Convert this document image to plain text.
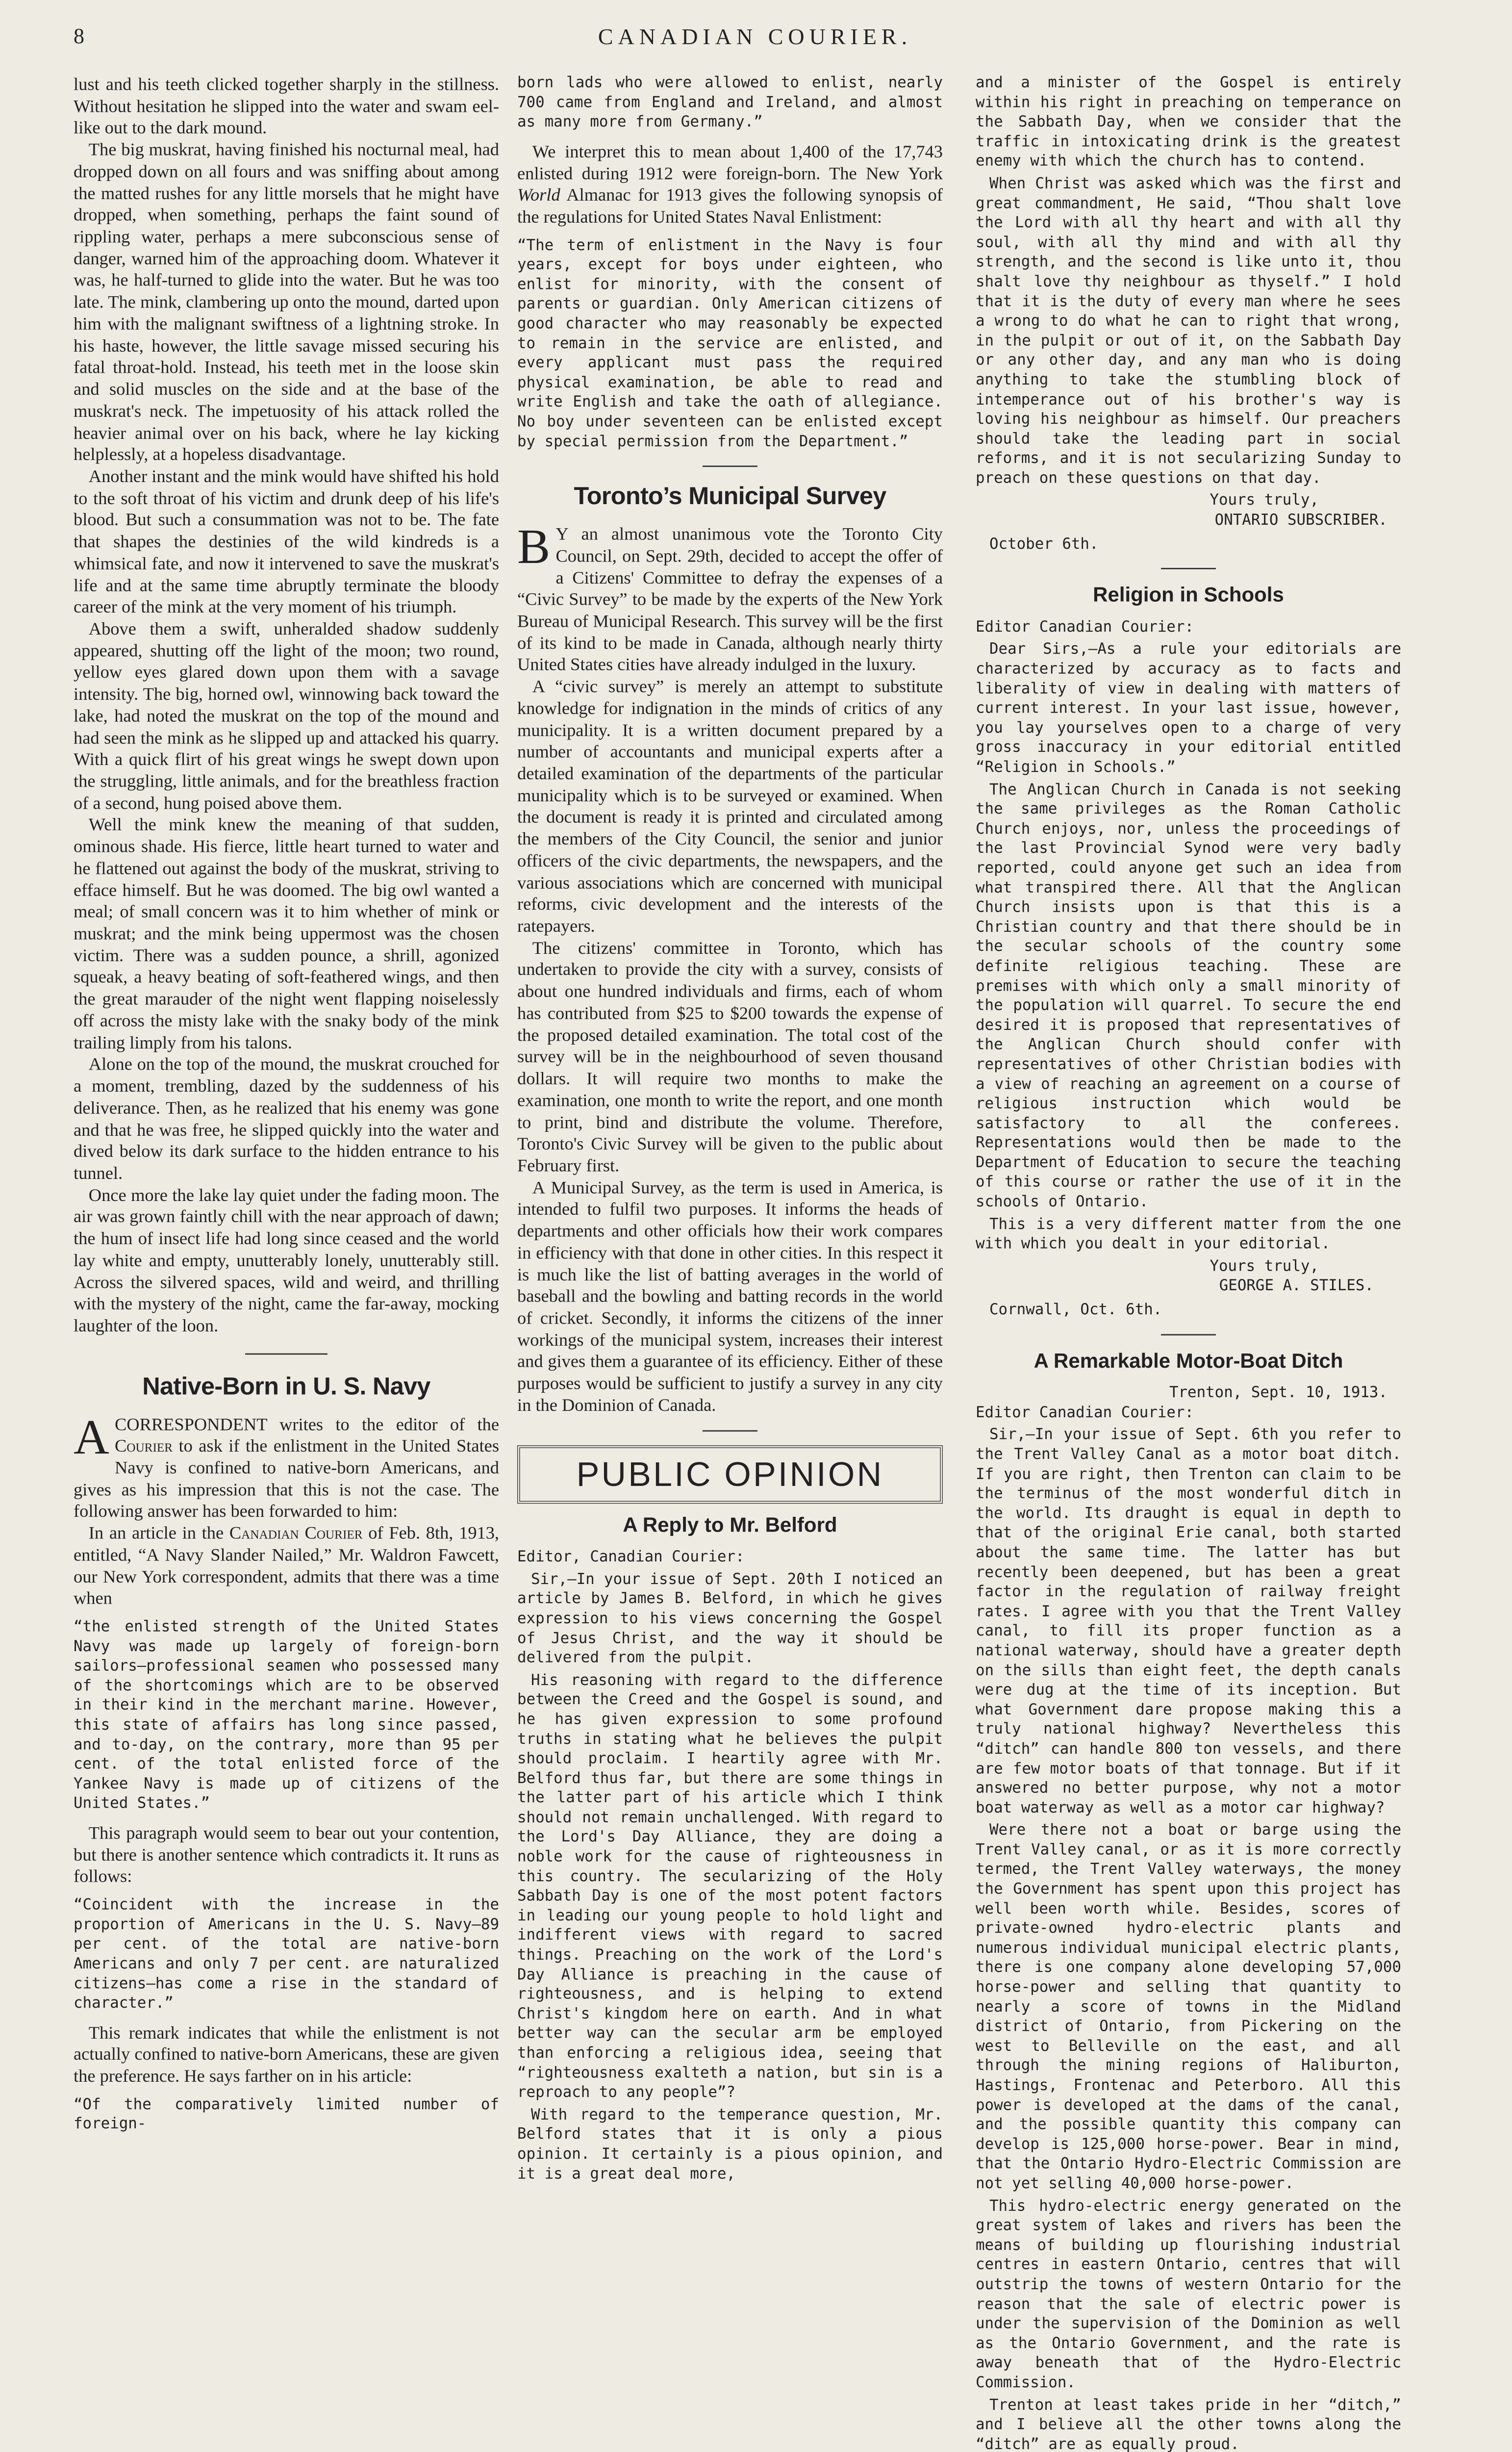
8	CANADIAN COURIER.

lust and his teeth clicked together sharply in the stillness. Without hesitation he slipped into the water and swam eel-like out to the dark mound.

The big muskrat, having finished his nocturnal meal, had dropped down on all fours and was sniffing about among the matted rushes for any little morsels that he might have dropped, when something, perhaps the faint sound of rippling water, perhaps a mere subconscious sense of danger, warned him of the approaching doom. Whatever it was, he half-turned to glide into the water. But he was too late. The mink, clambering up onto the mound, darted upon him with the malignant swiftness of a lightning stroke. In his haste, however, the little savage missed securing his fatal throat-hold. Instead, his teeth met in the loose skin and solid muscles on the side and at the base of the muskrat's neck. The impetuosity of his attack rolled the heavier animal over on his back, where he lay kicking helplessly, at a hopeless disadvantage.

Another instant and the mink would have shifted his hold to the soft throat of his victim and drunk deep of his life's blood. But such a consummation was not to be. The fate that shapes the destinies of the wild kindreds is a whimsical fate, and now it intervened to save the muskrat's life and at the same time abruptly terminate the bloody career of the mink at the very moment of his triumph.

Above them a swift, unheralded shadow suddenly appeared, shutting off the light of the moon; two round, yellow eyes glared down upon them with a savage intensity. The big, horned owl, winnowing back toward the lake, had noted the muskrat on the top of the mound and had seen the mink as he slipped up and attacked his quarry. With a quick flirt of his great wings he swept down upon the struggling, little animals, and for the breathless fraction of a second, hung poised above them.

Well the mink knew the meaning of that sudden, ominous shade. His fierce, little heart turned to water and he flattened out against the body of the muskrat, striving to efface himself. But he was doomed. The big owl wanted a meal; of small concern was it to him whether of mink or muskrat; and the mink being uppermost was the chosen victim. There was a sudden pounce, a shrill, agonized squeak, a heavy beating of soft-feathered wings, and then the great marauder of the night went flapping noiselessly off across the misty lake with the snaky body of the mink trailing limply from his talons.

Alone on the top of the mound, the muskrat crouched for a moment, trembling, dazed by the suddenness of his deliverance. Then, as he realized that his enemy was gone and that he was free, he slipped quickly into the water and dived below its dark surface to the hidden entrance to his tunnel.

Once more the lake lay quiet under the fading moon. The air was grown faintly chill with the near approach of dawn; the hum of insect life had long since ceased and the world lay white and empty, unutterably lonely, unutterably still. Across the silvered spaces, wild and weird, and thrilling with the mystery of the night, came the far-away, mocking laughter of the loon.

Native-Born in U. S. Navy

ACORRESPONDENT writes to the editor of the Courier to ask if the enlistment in the United States Navy is confined to native-born Americans, and gives as his impression that this is not the case. The following answer has been forwarded to him:

In an article in the Canadian Courier of Feb. 8th, 1913, entitled, “A Navy Slander Nailed,” Mr. Waldron Fawcett, our New York correspondent, admits that there was a time when

“the enlisted strength of the United States Navy was made up largely of foreign-born sailors—professional seamen who possessed many of the shortcomings which are to be observed in their kind in the merchant marine. However, this state of affairs has long since passed, and to-day, on the contrary, more than 95 per cent. of the total enlisted force of the Yankee Navy is made up of citizens of the United States.”

This paragraph would seem to bear out your contention, but there is another sentence which contradicts it. It runs as follows:

“Coincident with the increase in the proportion of Americans in the U. S. Navy—89 per cent. of the total are native-born Americans and only 7 per cent. are naturalized citizens—has come a rise in the standard of character.”

This remark indicates that while the enlistment is not actually confined to native-born Americans, these are given the preference. He says farther on in his article:

“Of the comparatively limited number of foreign-

born lads who were allowed to enlist, nearly 700 came from England and Ireland, and almost as many more from Germany.”

We interpret this to mean about 1,400 of the 17,743 enlisted during 1912 were foreign-born. The New York World Almanac for 1913 gives the following synopsis of the regulations for United States Naval Enlistment:

“The term of enlistment in the Navy is four years, except for boys under eighteen, who enlist for minority, with the consent of parents or guardian. Only American citizens of good character who may reasonably be expected to remain in the service are enlisted, and every applicant must pass the required physical examination, be able to read and write English and take the oath of allegiance. No boy under seventeen can be enlisted except by special permission from the Department.”

Toronto’s Municipal Survey

B Y an almost unanimous vote the Toronto City Council, on Sept. 29th, decided to accept the offer of a Citizens' Committee to defray the expenses of a “Civic Survey” to be made by the experts of the New York Bureau of Municipal Research. This survey will be the first of its kind to be made in Canada, although nearly thirty United States cities have already indulged in the luxury.

A “civic survey” is merely an attempt to substitute knowledge for indignation in the minds of critics of any municipality. It is a written document prepared by a number of accountants and municipal experts after a detailed examination of the departments of the particular municipality which is to be surveyed or examined. When the document is ready it is printed and circulated among the members of the City Council, the senior and junior officers of the civic departments, the newspapers, and the various associations which are concerned with municipal reforms, civic development and the interests of the ratepayers.

The citizens' committee in Toronto, which has undertaken to provide the city with a survey, consists of about one hundred individuals and firms, each of whom has contributed from $25 to $200 towards the expense of the proposed detailed examination. The total cost of the survey will be in the neighbourhood of seven thousand dollars. It will require two months to make the examination, one month to write the report, and one month to print, bind and distribute the volume. Therefore, Toronto's Civic Survey will be given to the public about February first.

A Municipal Survey, as the term is used in America, is intended to fulfil two purposes. It informs the heads of departments and other officials how their work compares in efficiency with that done in other cities. In this respect it is much like the list of batting averages in the world of baseball and the bowling and batting records in the world of cricket. Secondly, it informs the citizens of the inner workings of the municipal system, increases their interest and gives them a guarantee of its efficiency. Either of these purposes would be sufficient to justify a survey in any city in the Dominion of Canada.

PUBLIC OPINION
A Reply to Mr. Belford

Editor, Canadian Courier:

Sir,—In your issue of Sept. 20th I noticed an article by James B. Belford, in which he gives expression to his views concerning the Gospel of Jesus Christ, and the way it should be delivered from the pulpit.

His reasoning with regard to the difference between the Creed and the Gospel is sound, and he has given expression to some profound truths in stating what he believes the pulpit should proclaim. I heartily agree with Mr. Belford thus far, but there are some things in the latter part of his article which I think should not remain unchallenged. With regard to the Lord's Day Alliance, they are doing a noble work for the cause of righteousness in this country. The secularizing of the Holy Sabbath Day is one of the most potent factors in leading our young people to hold light and indifferent views with regard to sacred things. Preaching on the work of the Lord's Day Alliance is preaching in the cause of righteousness, and is helping to extend Christ's kingdom here on earth. And in what better way can the secular arm be employed than enforcing a religious idea, seeing that “righteousness exalteth a nation, but sin is a reproach to any people”?

With regard to the temperance question, Mr. Belford states that it is only a pious opinion. It certainly is a pious opinion, and it is a great deal more,

and a minister of the Gospel is entirely within his right in preaching on temperance on the Sabbath Day, when we consider that the traffic in intoxicating drink is the greatest enemy with which the church has to contend.

When Christ was asked which was the first and great commandment, He said, “Thou shalt love the Lord with all thy heart and with all thy soul, with all thy mind and with all thy strength, and the second is like unto it, thou shalt love thy neighbour as thyself.” I hold that it is the duty of every man where he sees a wrong to do what he can to right that wrong, in the pulpit or out of it, on the Sabbath Day or any other day, and any man who is doing anything to take the stumbling block of intemperance out of his brother's way is loving his neighbour as himself. Our preachers should take the leading part in social reforms, and it is not secularizing Sunday to preach on these questions on that day.

Yours truly,

ONTARIO SUBSCRIBER.

October 6th.

Religion in Schools

Editor Canadian Courier:

Dear Sirs,—As a rule your editorials are characterized by accuracy as to facts and liberality of view in dealing with matters of current interest. In your last issue, however, you lay yourselves open to a charge of very gross inaccuracy in your editorial entitled “Religion in Schools.”

The Anglican Church in Canada is not seeking the same privileges as the Roman Catholic Church enjoys, nor, unless the proceedings of the last Provincial Synod were very badly reported, could anyone get such an idea from what transpired there. All that the Anglican Church insists upon is that this is a Christian country and that there should be in the secular schools of the country some definite religious teaching. These are premises with which only a small minority of the population will quarrel. To secure the end desired it is proposed that representatives of the Anglican Church should confer with representatives of other Christian bodies with a view of reaching an agreement on a course of religious instruction which would be satisfactory to all the conferees. Representations would then be made to the Department of Education to secure the teaching of this course or rather the use of it in the schools of Ontario.

This is a very different matter from the one with which you dealt in your editorial.

Yours truly,

GEORGE A. STILES.

Cornwall, Oct. 6th.

A Remarkable Motor-Boat Ditch

Trenton, Sept. 10, 1913.

Editor Canadian Courier:

Sir,—In your issue of Sept. 6th you refer to the Trent Valley Canal as a motor boat ditch. If you are right, then Trenton can claim to be the terminus of the most wonderful ditch in the world. Its draught is equal in depth to that of the original Erie canal, both started about the same time. The latter has but recently been deepened, but has been a great factor in the regulation of railway freight rates. I agree with you that the Trent Valley canal, to fill its proper function as a national waterway, should have a greater depth on the sills than eight feet, the depth canals were dug at the time of its inception. But what Government dare propose making this a truly national highway? Nevertheless this “ditch” can handle 800 ton vessels, and there are few motor boats of that tonnage. But if it answered no better purpose, why not a motor boat waterway as well as a motor car highway?

Were there not a boat or barge using the Trent Valley canal, or as it is more correctly termed, the Trent Valley waterways, the money the Government has spent upon this project has well been worth while. Besides, scores of private-owned hydro-electric plants and numerous individual municipal electric plants, there is one company alone developing 57,000 horse-power and selling that quantity to nearly a score of towns in the Midland district of Ontario, from Pickering on the west to Belleville on the east, and all through the mining regions of Haliburton, Hastings, Frontenac and Peterboro. All this power is developed at the dams of the canal, and the possible quantity this company can develop is 125,000 horse-power. Bear in mind, that the Ontario Hydro-Electric Commission are not yet selling 40,000 horse-power.

This hydro-electric energy generated on the great system of lakes and rivers has been the means of building up flourishing industrial centres in eastern Ontario, centres that will outstrip the towns of western Ontario for the reason that the sale of electric power is under the supervision of the Dominion as well as the Ontario Government, and the rate is away beneath that of the Hydro-Electric Commission.

Trenton at least takes pride in her “ditch,” and I believe all the other towns along the “ditch” are as equally proud.
